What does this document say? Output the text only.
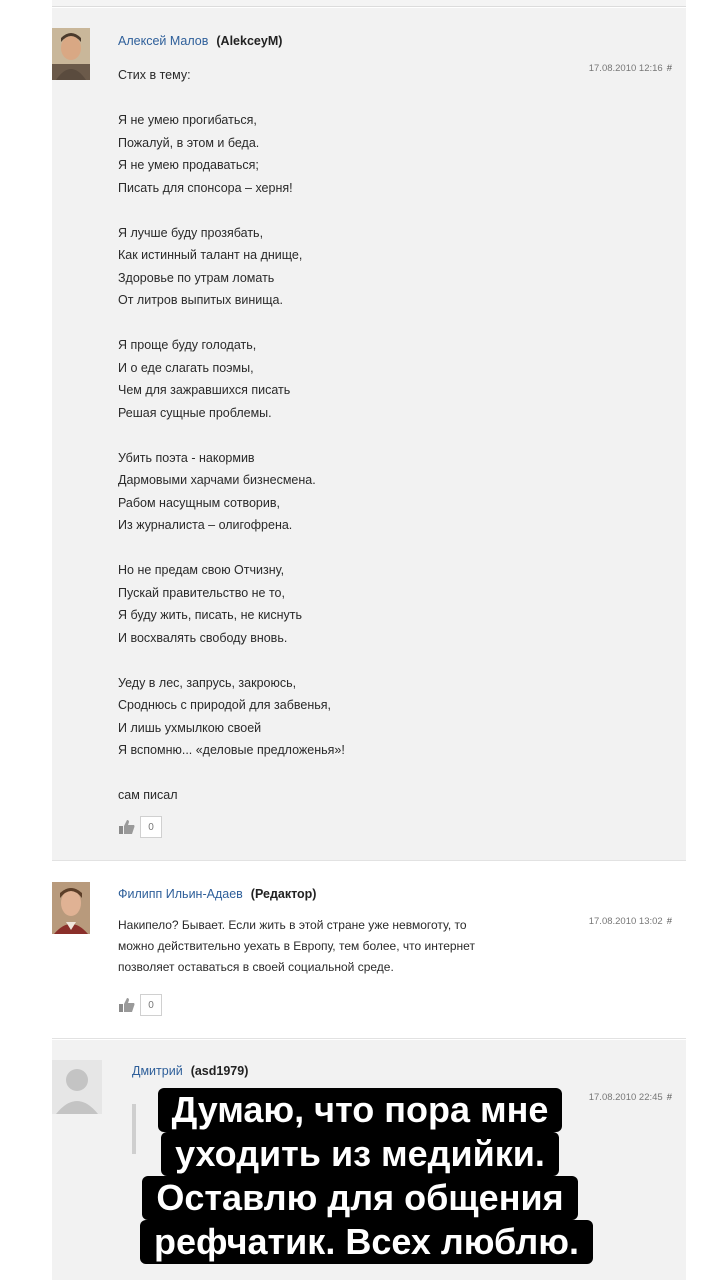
Алексей Малов (AlekceyM)
17.08.2010 12:16 #
Стих в тему:
Я не умею прогибаться,
Пожалуй, в этом и беда.
Я не умею продаваться;
Писать для спонсора – херня!
Я лучше буду прозябать,
Как истинный талант на днище,
Здоровье по утрам ломать
От литров выпитых винища.
Я проще буду голодать,
И о еде слагать поэмы,
Чем для зажравшихся писать
Решая сущные проблемы.
Убить поэта - накормив
Дармовыми харчами бизнесмена.
Рабом насущным сотворив,
Из журналиста – олигофрена.
Но не предам свою Отчизну,
Пускай правительство не то,
Я буду жить, писать, не киснуть
И восхвалять свободу вновь.
Уеду в лес, запрусь, закроюсь,
Сроднюсь с природой для забвенья,
И лишь ухмылкою своей
Я вспомню... «деловые предложенья»!
сам писал
0
Филипп Ильин-Адаев (Редактор)
17.08.2010 13:02 #
Накипело? Бывает. Если жить в этой стране уже невмоготу, то
можно действительно уехать в Европу, тем более, что интернет
позволяет оставаться в своей социальной среде.
0
Дмитрий (asd1979)
17.08.2010 22:45 #
Думаю, что пора мне
уходить из медийки.
Оставлю для общения
рефчатик. Всех люблю.
